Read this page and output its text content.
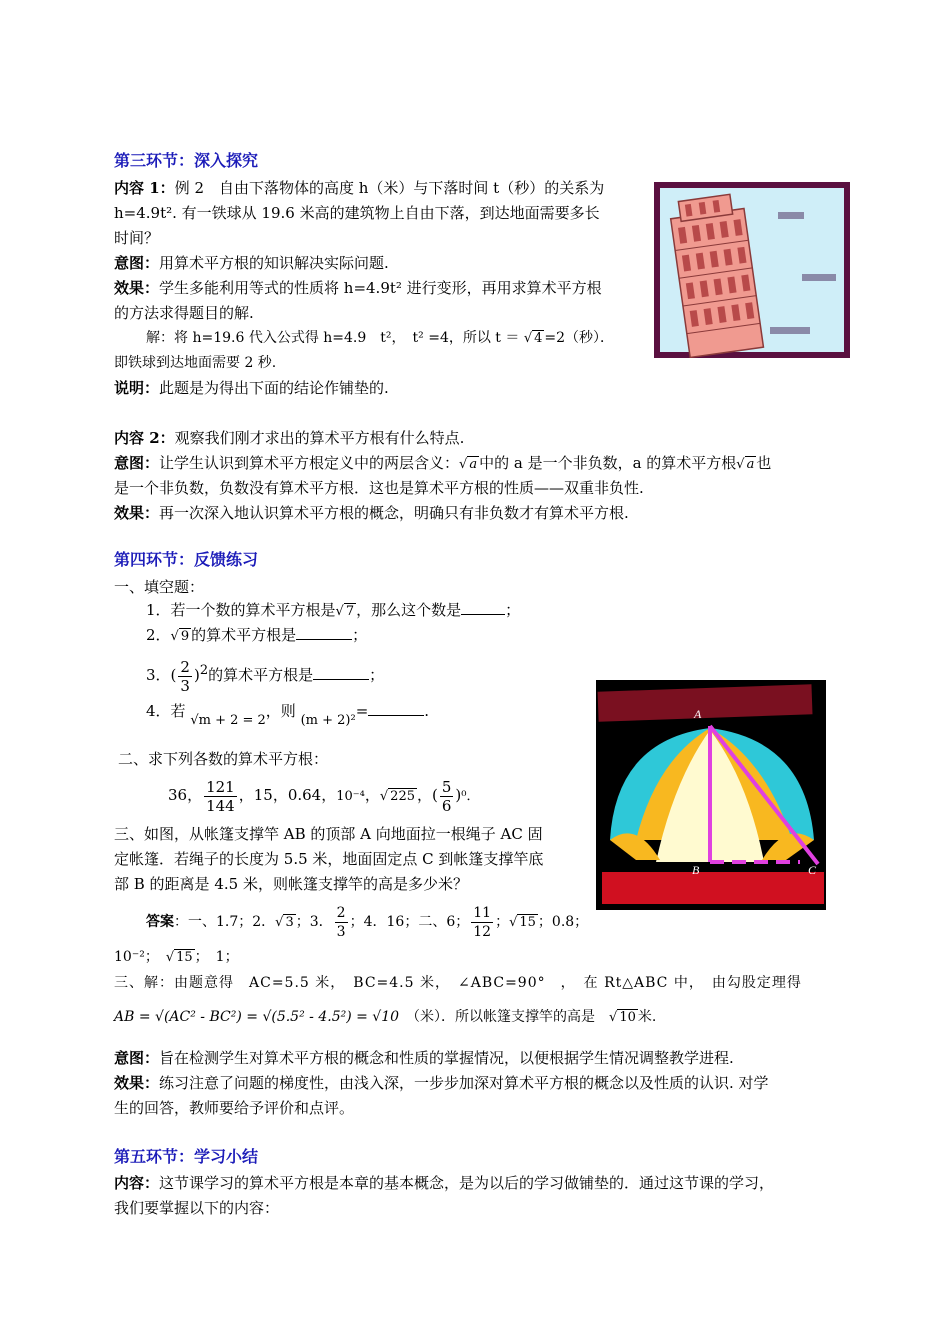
第三环节：深入探究
内容 1：例 2　自由下落物体的高度 h（米）与下落时间 t（秒）的关系为
h=4.9t². 有一铁球从 19.6 米高的建筑物上自由下落，到达地面需要多长
时间？
意图：用算术平方根的知识解决实际问题.
效果：学生多能利用等式的性质将 h=4.9t² 进行变形，再用求算术平方根
的方法求得题目的解.
解：将 h=19.6 代入公式得 h=4.9　t²，　t² =4，所以 t ＝ √ 4 =2（秒）．
即铁球到达地面需要 2 秒.
说明：此题是为得出下面的结论作铺垫的.
内容 2：观察我们刚才求出的算术平方根有什么特点.
意图：让学生认识到算术平方根定义中的两层含义：√ a 中的 a 是一个非负数，a 的算术平方根√ a 也
是一个非负数，负数没有算术平方根．这也是算术平方根的性质——双重非负性.
效果：再一次深入地认识算术平方根的概念，明确只有非负数才有算术平方根.
第四环节：反馈练习
一、填空题：
1．若一个数的算术平方根是√ 7 ，那么这个数是	；
2．√ 9 的算术平方根是	；
3．( $\frac{2}{3} )^2$的算术平方根是	；
4．若 √m + 2 = 2，则 (m + 2)²=	.
二、求下列各数的算术平方根：
36， $\frac{121}{144}$ ，15，0.64，10⁻⁴，√ 225 ，( $\frac{5}{6} )^0$．
三、如图，从帐篷支撑竿 AB 的顶部 A 向地面拉一根绳子 AC 固
定帐篷．若绳子的长度为 5.5 米，地面固定点 C 到帐篷支撑竿底
部 B 的距离是 4.5 米，则帐篷支撑竿的高是多少米？
答案：一、1.7；2．√ 3 ；3． $\frac{2}{3}$ ；4．16；二、6； $\frac{11}{12}$ ；√ 15 ；0.8；
10⁻²；　 √ 15 ；　1；
三、解：由题意得　AC=5.5 米，　BC=4.5 米，　∠ABC=90°　，　在 Rt△ABC 中，　由勾股定理得
AB = √(AC² - BC²) = √(5.5² - 4.5²) = √10　 （米）．所以帐篷支撑竿的高是　 √ 10 米.
意图：旨在检测学生对算术平方根的概念和性质的掌握情况，以便根据学生情况调整教学进程.
效果：练习注意了问题的梯度性，由浅入深，一步步加深对算术平方根的概念以及性质的认识. 对学
生的回答，教师要给予评价和点评。
A
B	C
第五环节：学习小结
内容：这节课学习的算术平方根是本章的基本概念，是为以后的学习做铺垫的．通过这节课的学习，
我们要掌握以下的内容：
